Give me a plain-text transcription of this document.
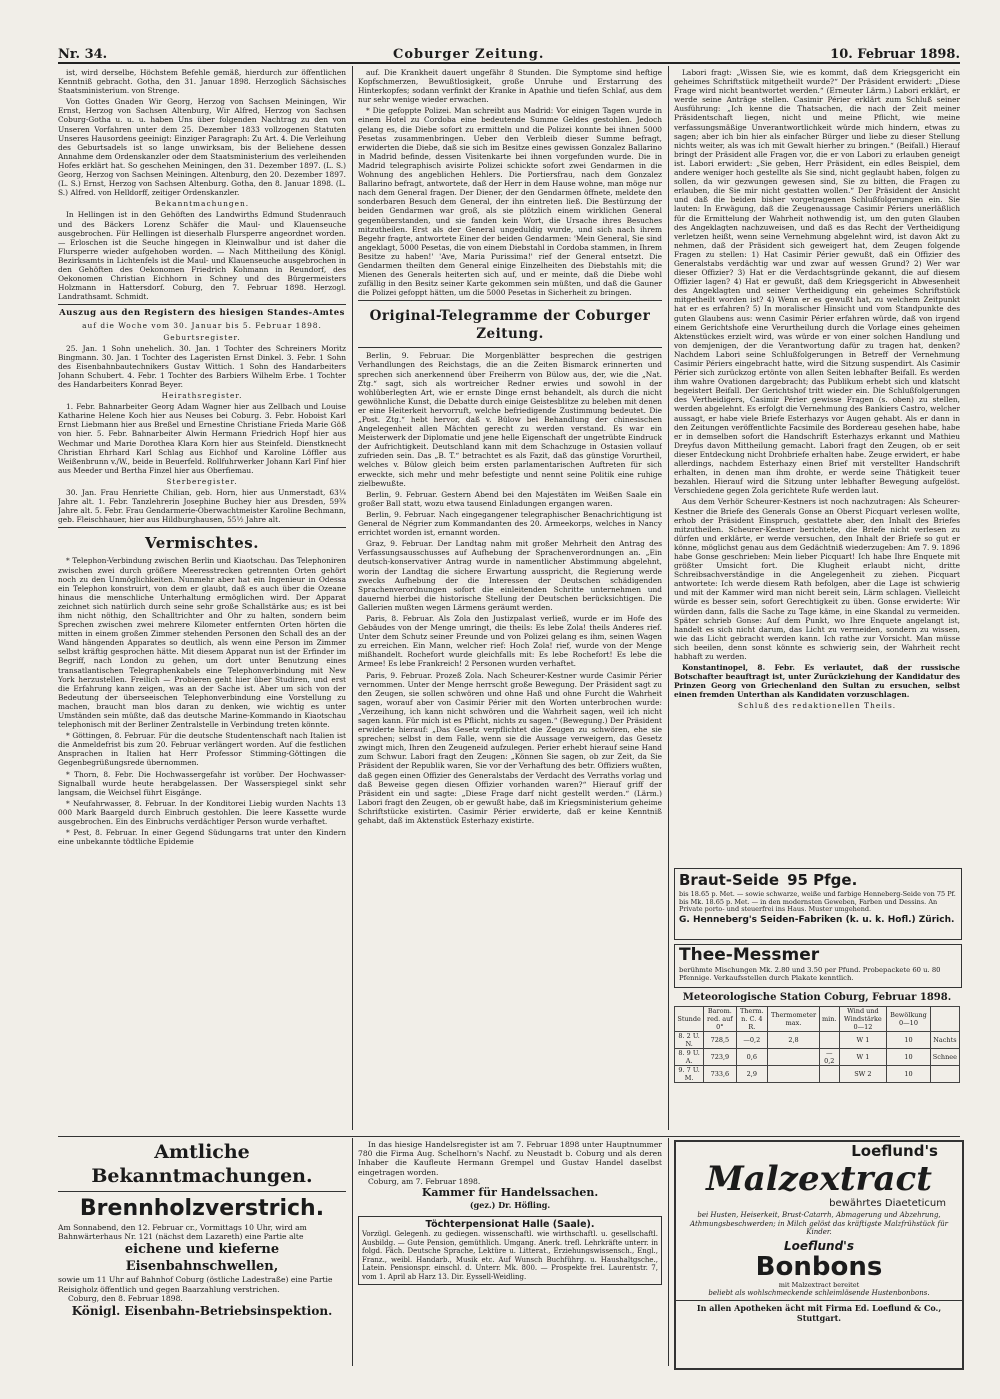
Nr. 34.	Coburger Zeitung.	10. Februar 1898.

ist, wird derselbe, Höchstem Befehle gemäß, hierdurch zur öffentlichen Kenntniß gebracht. Gotha, den 31. Januar 1898. Herzoglich Sächsisches Staatsministerium. von Strenge.

Von Gottes Gnaden Wir Georg, Herzog von Sachsen Meiningen, Wir Ernst, Herzog von Sachsen Altenburg, Wir Alfred, Herzog von Sachsen Coburg-Gotha u. u. u. haben Uns über folgenden Nachtrag zu den von Unseren Vorfahren unter dem 25. Dezember 1833 vollzogenen Statuten Unseres Hausordens geeinigt: Einziger Paragraph: Zu Art. 4. Die Verleihung des Geburtsadels ist so lange unwirksam, bis der Beliehene dessen Annahme dem Ordenskanzler oder dem Staatsministerium des verleihenden Hofes erklärt hat. So geschehen Meiningen, den 31. Dezember 1897. (L. S.) Georg, Herzog von Sachsen Meiningen. Altenburg, den 20. Dezember 1897. (L. S.) Ernst, Herzog von Sachsen Altenburg. Gotha, den 8. Januar 1898. (L. S.) Alfred. von Helldorff, zeitiger Ordenskanzler.

Bekanntmachungen.

In Hellingen ist in den Gehöften des Landwirths Edmund Studenrauch und des Bäckers Lorenz Schäfer die Maul- und Klauenseuche ausgebrochen. Für Hellingen ist dieserhalb Flursperre angeordnet worden. — Erloschen ist die Seuche hingegen in Kleinwalbur und ist daher die Flursperre wieder aufgehoben worden. — Nach Mittheilung des Königl. Bezirksamts in Lichtenfels ist die Maul- und Klauenseuche ausgebrochen in den Gehöften des Oekonomen Friedrich Kohmann in Reundorf, des Oekonomen Christian Eichhorn in Schney und des Bürgermeisters Holzmann in Hattersdorf. Coburg, den 7. Februar 1898. Herzogl. Landrathsamt. Schmidt.

Auszug aus den Registern des hiesigen Standes-Amtes
auf die Woche vom 30. Januar bis 5. Februar 1898.
Geburtsregister.

25. Jan. 1 Sohn unehelich. 30. Jan. 1 Tochter des Schreiners Moritz Bingmann. 30. Jan. 1 Tochter des Lageristen Ernst Dinkel. 3. Febr. 1 Sohn des Eisenbahnbautechnikers Gustav Wittich. 1 Sohn des Handarbeiters Johann Schubert. 4. Febr. 1 Tochter des Barbiers Wilhelm Erbe. 1 Tochter des Handarbeiters Konrad Beyer.

Heirathsregister.

1. Febr. Bahnarbeiter Georg Adam Wagner hier aus Zellbach und Louise Katharine Helene Koch hier aus Neuses bei Coburg. 3. Febr. Hoboist Karl Ernst Liebmann hier aus Breßel und Ernestine Christiane Frieda Marie Göß von hier. 5. Febr. Bahnarbeiter Alwin Hermann Friedrich Hopf hier aus Wechmar und Marie Dorothea Klara Korn hier aus Steinfeld. Dienstknecht Christian Ehrhard Karl Schlag aus Eichhof und Karoline Löffler aus Weißenbrunn v./W., beide in Beuerfeld. Rollfuhrwerker Johann Karl Finf hier aus Meeder und Bertha Finzel hier aus Oberfiemau.

Sterberegister.

30. Jan. Frau Henriette Chilian, geb. Horn, hier aus Unmerstadt, 63¼ Jahre alt. 1. Febr. Tanzlehrerin Josephine Buchey hier aus Dresden, 59¾ Jahre alt. 5. Febr. Frau Gendarmerie-Oberwachtmeister Karoline Bechmann, geb. Fleischhauer, hier aus Hildburghausen, 55½ Jahre alt.

Vermischtes.

* Telephon-Verbindung zwischen Berlin und Kiaotschau. Das Telephoniren zwischen zwei durch größere Meeresstrecken getrennten Orten gehört noch zu den Unmöglichkeiten. Nunmehr aber hat ein Ingenieur in Odessa ein Telephon konstruirt, von dem er glaubt, daß es auch über die Ozeane hinaus die menschliche Unterhaltung ermöglichen wird. Der Apparat zeichnet sich natürlich durch seine sehr große Schallstärke aus; es ist bei ihm nicht nöthig, den Schalltrichter and Ohr zu halten, sondern beim Sprechen zwischen zwei mehrere Kilometer entfernten Orten hörten die mitten in einem großen Zimmer stehenden Personen den Schall des an der Wand hängenden Apparates so deutlich, als wenn eine Person im Zimmer selbst kräftig gesprochen hätte. Mit diesem Apparat nun ist der Erfinder im Begriff, nach London zu gehen, um dort unter Benutzung eines transatlantischen Telegraphenkabels eine Telephonverbindung mit New York herzustellen. Freilich — Probieren geht hier über Studiren, und erst die Erfahrung kann zeigen, was an der Sache ist. Aber um sich von der Bedeutung der überseeischen Telephonverbindung eine Vorstellung zu machen, braucht man blos daran zu denken, wie wichtig es unter Umständen sein müßte, daß das deutsche Marine-Kommando in Kiaotschau telephonisch mit der Berliner Zentralstelle in Verbindung treten könnte.

* Göttingen, 8. Februar. Für die deutsche Studentenschaft nach Italien ist die Anmeldefrist bis zum 20. Februar verlängert worden. Auf die festlichen Ansprachen in Italien hat Herr Professor Stimming-Göttingen die Gegenbegrüßungsrede übernommen.

* Thorn, 8. Febr. Die Hochwassergefahr ist vorüber. Der Hochwasser-Signalball wurde heute herabgelassen. Der Wasserspiegel sinkt sehr langsam, die Weichsel führt Eisgänge.

* Neufahrwasser, 8. Februar. In der Konditorei Liebig wurden Nachts 13 000 Mark Baargeld durch Einbruch gestohlen. Die leere Kassette wurde ausgebrochen. Ein des Einbruchs verdächtiger Person wurde verhaftet.

* Pest, 8. Februar. In einer Gegend Südungarns trat unter den Kindern eine unbekannte tödtliche Epidemie

auf. Die Krankheit dauert ungefähr 8 Stunden. Die Symptome sind heftige Kopfschmerzen, Bewußtlosigkeit, große Unruhe und Erstarrung des Hinterkopfes; sodann verfinkt der Kranke in Apathie und tiefen Schlaf, aus dem nur sehr wenige wieder erwachen.

* Die gefoppte Polizei. Man schreibt aus Madrid: Vor einigen Tagen wurde in einem Hotel zu Cordoba eine bedeutende Summe Geldes gestohlen. Jedoch gelang es, die Diebe sofort zu ermitteln und die Polizei konnte bei ihnen 5000 Pesetas zusammenbringen. Ueber den Verbleib dieser Summe befragt, erwiderten die Diebe, daß sie sich im Besitze eines gewissen Gonzalez Ballarino in Madrid befinde, dessen Visitenkarte bei ihnen vorgefunden wurde. Die in Madrid telegraphisch avisirte Polizei schickte sofort zwei Gendarmen in die Wohnung des angeblichen Hehlers. Die Portiersfrau, nach dem Gonzalez Ballarino befragt, antwortete, daß der Herr in dem Hause wohne, man möge nur nach dem General fragen. Der Diener, der den Gendarmen öffnete, meldete den sonderbaren Besuch dem General, der ihn eintreten ließ. Die Bestürzung der beiden Gendarmen war groß, als sie plötzlich einem wirklichen General gegenüberstanden, und sie fanden kein Wort, die Ursache ihres Besuches mitzutheilen. Erst als der General ungeduldig wurde, und sich nach ihrem Begehr fragte, antwortete Einer der beiden Gendarmen: 'Mein General, Sie sind angeklagt, 5000 Pesetas, die von einem Diebstahl in Cordoba stammen, in Ihrem Besitze zu haben!' 'Ave, Maria Purissima!' rief der General entsetzt. Die Gendarmen theilten dem General einige Einzelheiten des Diebstahls mit; die Mienen des Generals heiterten sich auf, und er meinte, daß die Diebe wohl zufällig in den Besitz seiner Karte gekommen sein müßten, und daß die Gauner die Polizei gefoppt hätten, um die 5000 Pesetas in Sicherheit zu bringen.

Original-Telegramme der Coburger Zeitung.

Berlin, 9. Februar. Die Morgenblätter besprechen die gestrigen Verhandlungen des Reichstags, die an die Zeiten Bismarck erinnerten und sprechen sich anerkennend über Freiherrn von Bülow aus, der, wie die „Nat. Ztg.“ sagt, sich als wortreicher Redner erwies und sowohl in der wohlüberlegten Art, wie er ernste Dinge ernst behandelt, als durch die nicht gewöhnliche Kunst, die Debatte durch einige Geistesblitze zu beleben mit denen er eine Heiterkeit hervorruft, welche befriedigende Zustimmung bedeutet. Die „Post. Ztg.“ hebt hervor, daß v. Bülow bei Behandlung der chinesischen Angelegenheit allen Mächten gerecht zu werden verstand. Es war ein Meisterwerk der Diplomatie und jene helle Eigenschaft der ungetrübte Eindruck der Aufrichtigkeit. Deutschland kann mit dem Schachzuge in Ostasien vollauf zufrieden sein. Das „B. T.“ betrachtet es als Fazit, daß das günstige Vorurtheil, welches v. Bülow gleich beim ersten parlamentarischen Auftreten für sich erweckte, sich mehr und mehr befestigte und nennt seine Politik eine ruhige zielbewußte.

Berlin, 9. Februar. Gestern Abend bei den Majestäten im Weißen Saale ein großer Ball statt, wozu etwa tausend Einladungen ergangen waren.

Berlin, 9. Februar. Nach eingegangener telegraphischer Benachrichtigung ist General de Négrier zum Kommandanten des 20. Armeekorps, welches in Nancy errichtet worden ist, ernannt worden.

Graz, 9. Februar. Der Landtag nahm mit großer Mehrheit den Antrag des Verfassungsausschusses auf Aufhebung der Sprachenverordnungen an. „Ein deutsch-konservativer Antrag wurde in namentlicher Abstimmung abgelehnt, worin der Landtag die sichere Erwartung ausspricht, die Regierung werde zwecks Aufhebung der die Interessen der Deutschen schädigenden Sprachenverordnungen sofort die einleitenden Schritte unternehmen und dauernd hierbei die historische Stellung der Deutschen berücksichtigen. Die Gallerien mußten wegen Lärmens geräumt werden.

Paris, 8. Februar. Als Zola den Justizpalast verließ, wurde er im Hofe des Gebäudes von der Menge umringt, die theils: Es lebe Zola! theils Anderes rief. Unter dem Schutz seiner Freunde und von Polizei gelang es ihm, seinen Wagen zu erreichen. Ein Mann, welcher rief: Hoch Zola! rief, wurde von der Menge mißhandelt. Rochefort wurde gleichfalls mit: Es lebe Rochefort! Es lebe die Armee! Es lebe Frankreich! 2 Personen wurden verhaftet.

Paris, 9. Februar. Prozeß Zola. Nach Scheurer-Kestner wurde Casimir Périer vernommen. Unter der Menge herrscht große Bewegung. Der Präsident sagt zu den Zeugen, sie sollen schwören und ohne Haß und ohne Furcht die Wahrheit sagen, worauf aber von Casimir Périer mit den Worten unterbrochen wurde: „Verzeihung, ich kann nicht schwören und die Wahrheit sagen, weil ich nicht sagen kann. Für mich ist es Pflicht, nichts zu sagen.“ (Bewegung.) Der Präsident erwiderte hierauf: „Das Gesetz verpflichtet die Zeugen zu schwören, ehe sie sprechen; selbst in dem Falle, wenn sie die Aussage verweigern, das Gesetz zwingt mich, Ihren den Zeugeneid aufzulegen. Perier erhebt hierauf seine Hand zum Schwur. Labori fragt den Zeugen: „Können Sie sagen, ob zur Zeit, da Sie Präsident der Republik waren, Sie vor der Verhaftung des betr. Offiziers wußten, daß gegen einen Offizier des Generalstabs der Verdacht des Verraths vorlag und daß Beweise gegen diesen Offizier vorhanden waren?“ Hierauf griff der Präsident ein und sagte: „Diese Frage darf nicht gestellt werden.“ (Lärm.) Labori fragt den Zeugen, ob er gewußt habe, daß im Kriegsministerium geheime Schriftstücke existirten. Casimir Périer erwiderte, daß er keine Kenntniß gehabt, daß im Aktenstück Esterhazy existirte.

Labori fragt: „Wissen Sie, wie es kommt, daß dem Kriegsgericht ein geheimes Schriftstück mitgetheilt wurde?“ Der Präsident erwidert: „Diese Frage wird nicht beantwortet werden.“ (Erneuter Lärm.) Labori erklärt, er werde seine Anträge stellen. Casimir Périer erklärt zum Schluß seiner Ausführung: „Ich kenne die Thatsachen, die nach der Zeit meiner Präsidentschaft liegen, nicht und meine Pflicht, wie meine verfassungsmäßige Unverantwortlichkeit würde mich hindern, etwas zu sagen; aber ich bin hier als einfacher Bürger und liebe zu dieser Stellung nichts weiter, als was ich mit Gewalt hierher zu bringen.“ (Beifall.) Hierauf bringt der Präsident alle Fragen vor, die er von Labori zu erlauben geneigt ist. Labori erwidert: „Sie geben, Herr Präsident, ein edles Beispiel, dem andere weniger hoch gestellte als Sie sind, nicht geglaubt haben, folgen zu sollen, da wir gezwungen gewesen sind, Sie zu bitten, die Fragen zu erlauben, die Sie mir nicht gestatten wollen.“ Der Präsident der Ansicht und daß die beiden bisher vorgetragenen Schlußfolgerungen ein. Sie lauten: In Erwägung, daß die Zeugenaussage Casimir Périers unerläßlich für die Ermittelung der Wahrheit nothwendig ist, um den guten Glauben des Angeklagten nachzuweisen, und daß es das Recht der Vertheidigung verletzen heißt, wenn seine Vernehmung abgelehnt wird, ist davon Akt zu nehmen, daß der Präsident sich geweigert hat, dem Zeugen folgende Fragen zu stellen: 1) Hat Casimir Périer gewußt, daß ein Offizier des Generalstabs verdächtig war und zwar auf wessen Grund? 2) Wer war dieser Offizier? 3) Hat er die Verdachtsgründe gekannt, die auf diesem Offizier lagen? 4) Hat er gewußt, daß dem Kriegsgericht in Abwesenheit des Angeklagten und seiner Vertheidigung ein geheimes Schriftstück mitgetheilt worden ist? 4) Wenn er es gewußt hat, zu welchem Zeitpunkt hat er es erfahren? 5) In moralischer Hinsicht und vom Standpunkte des guten Glaubens aus: wenn Casimir Périer erfahren würde, daß von irgend einem Gerichtshofe eine Verurtheilung durch die Vorlage eines geheimen Aktenstückes erzielt wird, was würde er von einer solchen Handlung und von demjenigen, der die Verantwortung dafür zu tragen hat, denken? Nachdem Labori seine Schlußfolgerungen in Betreff der Vernehmung Casimir Périers eingebracht hatte, wird die Sitzung suspendirt. Als Casimir Périer sich zurückzog ertönte von allen Seiten lebhafter Beifall. Es werden ihm wahre Ovationen dargebracht; das Publikum erhebt sich und klatscht begeistert Beifall. Der Gerichtshof tritt wieder ein. Die Schlußfolgerungen des Vertheidigers, Casimir Périer gewisse Fragen (s. oben) zu stellen, werden abgelehnt. Es erfolgt die Vernehmung des Bankiers Castro, welcher aussagt, er habe viele Briefe Esterhazys vor Augen gehabt. Als er dann in den Zeitungen veröffentlichte Facsimile des Bordereau gesehen habe, habe er in demselben sofort die Handschrift Esterhazys erkannt und Mathieu Dreyfus davon Mittheilung gemacht. Labori fragt den Zeugen, ob er seit dieser Entdeckung nicht Drohbriefe erhalten habe. Zeuge erwidert, er habe allerdings, nachdem Esterhazy einen Brief mit verstellter Handschrift erhalten, in denen man ihm drohte, er werde seine Thätigkeit teuer bezahlen. Hierauf wird die Sitzung unter lebhafter Bewegung aufgelöst. Verschiedene gegen Zola gerichtete Rufe werden laut.

Aus dem Verhör Scheurer-Kestners ist noch nachzutragen: Als Scheurer-Kestner die Briefe des Generals Gonse an Oberst Picquart verlesen wollte, erhob der Präsident Einspruch, gestattete aber, den Inhalt des Briefes mitzutheilen. Scheurer-Kestner berichtete, die Briefe nicht verlesen zu dürfen und erklärte, er werde versuchen, den Inhalt der Briefe so gut er könne, möglichst genau aus dem Gedächtniß wiederzugeben: Am 7. 9. 1896 habe Gonse geschrieben: Mein lieber Picquart! Ich habe Ihre Enquete mit größter Umsicht fort. Die Klugheit erlaubt nicht, dritte Schreibsachverständige in die Angelegenheit zu ziehen. Picquart antwortete: Ich werde diesem Rath befolgen, aber die Lage ist schwierig und mit der Kammer wird man nicht bereit sein, Lärm schlagen. Vielleicht würde es besser sein, sofort Gerechtigkeit zu üben. Gonse erwiderte: Wir würden dann, falls die Sache zu Tage käme, in eine Skandal zu vermeiden. Später schrieb Gonse: Auf dem Punkt, wo Ihre Enquete angelangt ist, handelt es sich nicht darum, das Licht zu vermeiden, sondern zu wissen, wie das Licht gebracht werden kann. Ich rathe zur Vorsicht. Man müsse sich beeilen, denn sonst könnte es schwierig sein, der Wahrheit recht habhaft zu werden.

Konstantinopel, 8. Febr. Es verlautet, daß der russische Botschafter beauftragt ist, unter Zurückziehung der Kandidatur des Prinzen Georg von Griechenland den Sultan zu ersuchen, selbst einen fremden Unterthan als Kandidaten vorzuschlagen.

Schluß des redaktionellen Theils.
Braut-Seide 95 Pfge.
bis 18.65 p. Met. — sowie schwarze, weiße und farbige Henneberg-Seide von 75 Pf. bis Mk. 18.65 p. Met. — in den modernsten Geweben, Farben und Dessins. An Private porto- und steuerfrei ins Haus. Muster umgehend.
G. Henneberg's Seiden-Fabriken (k. u. k. Hofl.) Zürich.
Thee-Messmer
berühmte Mischungen Mk. 2.80 und 3.50 per Pfund. Probepackete 60 u. 80 Pfennige. Verkaufsstellen durch Plakate kenntlich.
Meteorologische Station Coburg, Februar 1898.
Stunde	Barom. red. auf 0°	Therm. n. C. 4 R.	Thermometer max.	min.	Wind und Windstärke 0—12	Bewölkung 0—10	
8. 2 U. N.	728,5	—0,2	2,8		W 1	10	Nachts
8. 9 U. A.	723,9	0,6		—0,2	W 1	10	Schnee
9. 7 U. M.	733,6	2,9			SW 2	10	
Amtliche Bekanntmachungen.
Brennholzverstrich.
Am Sonnabend, den 12. Februar cr., Vormittags 10 Uhr, wird am Bahnwärterhaus Nr. 121 (nächst dem Lazareth) eine Partie alte
eichene und kieferne Eisenbahnschwellen,
sowie um 11 Uhr auf Bahnhof Coburg (östliche Ladestraße) eine Partie Reisigholz öffentlich und gegen Baarzahlung verstrichen.
Coburg, den 8. Februar 1898.
Königl. Eisenbahn-Betriebsinspektion.
In das hiesige Handelsregister ist am 7. Februar 1898 unter Hauptnummer 780 die Firma Aug. Schelhorn's Nachf. zu Neustadt b. Coburg und als deren Inhaber die Kaufleute Hermann Grempel und Gustav Handel daselbst eingetragen worden.
Coburg, am 7. Februar 1898.
Kammer für Handelssachen.
(gez.) Dr. Höfling.
Töchterpensionat Halle (Saale).
Vorzügl. Gelegenh. zu gediegen. wissenschaftl. wie wirthschaftl. u. gesellschaftl. Ausbildg. — Gute Pension, gemüthlich. Umgang. Anerk. trefl. Lehrkräfte unterr. in folgd. Fäch. Deutsche Sprache, Lektüre u. Litterat., Erziehungswissensch., Engl., Franz., weibl. Handarb., Musik etc. Auf Wunsch Buchführg. u. Haushaltgsche., Latein. Pensionspr. einschl. d. Unterr. Mk. 800. — Prospekte frei. Laurentstr. 7, vom 1. April ab Harz 13. Dir. Eyssell-Weidling.
Loeflund's
Malzextract
bewährtes Diaeteticum
bei Husten, Heiserkeit, Brust-Catarrh, Abmagerung und Abzehrung, Athmungsbeschwerden; in Milch gelöst das kräftigste Malzfrühstück für Kinder.
Loeflund's
Bonbons
mit Malzextract bereitet
beliebt als wohlschmeckende schleimlösende Hustenbonbons.
In allen Apotheken ächt mit Firma Ed. Loeflund & Co., Stuttgart.
